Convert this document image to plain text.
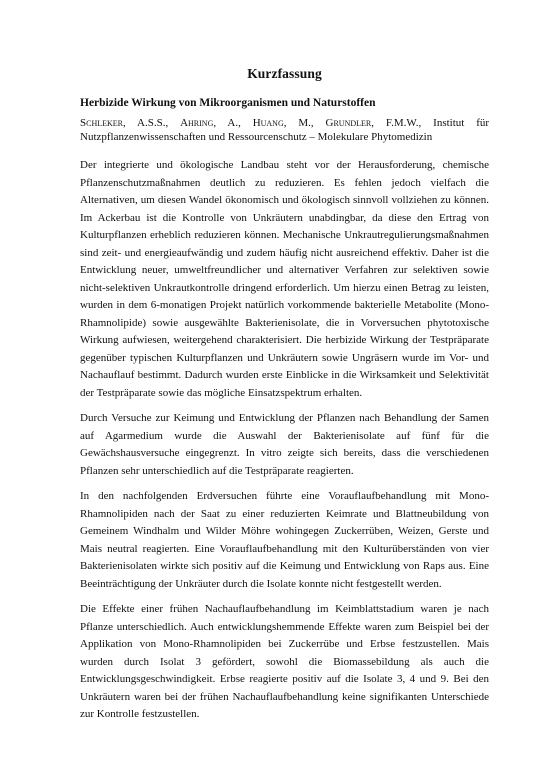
Kurzfassung
Herbizide Wirkung von Mikroorganismen und Naturstoffen
Schleker, A.S.S., Ahring, A., Huang, M., Grundler, F.M.W., Institut für Nutzpflanzenwissenschaften und Ressourcenschutz – Molekulare Phytomedizin

Der integrierte und ökologische Landbau steht vor der Herausforderung, chemische Pflanzenschutzmaßnahmen deutlich zu reduzieren. Es fehlen jedoch vielfach die Alternativen, um diesen Wandel ökonomisch und ökologisch sinnvoll vollziehen zu können. Im Ackerbau ist die Kontrolle von Unkräutern unabdingbar, da diese den Ertrag von Kulturpflanzen erheblich reduzieren können. Mechanische Unkrautregulierungsmaßnahmen sind zeit- und energieaufwändig und zudem häufig nicht ausreichend effektiv. Daher ist die Entwicklung neuer, umweltfreundlicher und alternativer Verfahren zur selektiven sowie nicht-selektiven Unkrautkontrolle dringend erforderlich. Um hierzu einen Betrag zu leisten, wurden in dem 6-monatigen Projekt natürlich vorkommende bakterielle Metabolite (Mono-Rhamnolipide) sowie ausgewählte Bakterienisolate, die in Vorversuchen phytotoxische Wirkung aufwiesen, weitergehend charakterisiert. Die herbizide Wirkung der Testpräparate gegenüber typischen Kulturpflanzen und Unkräutern sowie Ungräsern wurde im Vor- und Nachauflauf bestimmt. Dadurch wurden erste Einblicke in die Wirksamkeit und Selektivität der Testpräparate sowie das mögliche Einsatzspektrum erhalten.

Durch Versuche zur Keimung und Entwicklung der Pflanzen nach Behandlung der Samen auf Agarmedium wurde die Auswahl der Bakterienisolate auf fünf für die Gewächshausversuche eingegrenzt. In vitro zeigte sich bereits, dass die verschiedenen Pflanzen sehr unterschiedlich auf die Testpräparate reagierten.

In den nachfolgenden Erdversuchen führte eine Vorauflaufbehandlung mit Mono-Rhamnolipiden nach der Saat zu einer reduzierten Keimrate und Blattneubildung von Gemeinem Windhalm und Wilder Möhre wohingegen Zuckerrüben, Weizen, Gerste und Mais neutral reagierten. Eine Vorauflaufbehandlung mit den Kulturüberständen von vier Bakterienisolaten wirkte sich positiv auf die Keimung und Entwicklung von Raps aus. Eine Beeinträchtigung der Unkräuter durch die Isolate konnte nicht festgestellt werden.

Die Effekte einer frühen Nachauflaufbehandlung im Keimblattstadium waren je nach Pflanze unterschiedlich. Auch entwicklungshemmende Effekte waren zum Beispiel bei der Applikation von Mono-Rhamnolipiden bei Zuckerrübe und Erbse festzustellen. Mais wurden durch Isolat 3 gefördert, sowohl die Biomassebildung als auch die Entwicklungsgeschwindigkeit. Erbse reagierte positiv auf die Isolate 3, 4 und 9. Bei den Unkräutern waren bei der frühen Nachauflaufbehandlung keine signifikanten Unterschiede zur Kontrolle festzustellen.
